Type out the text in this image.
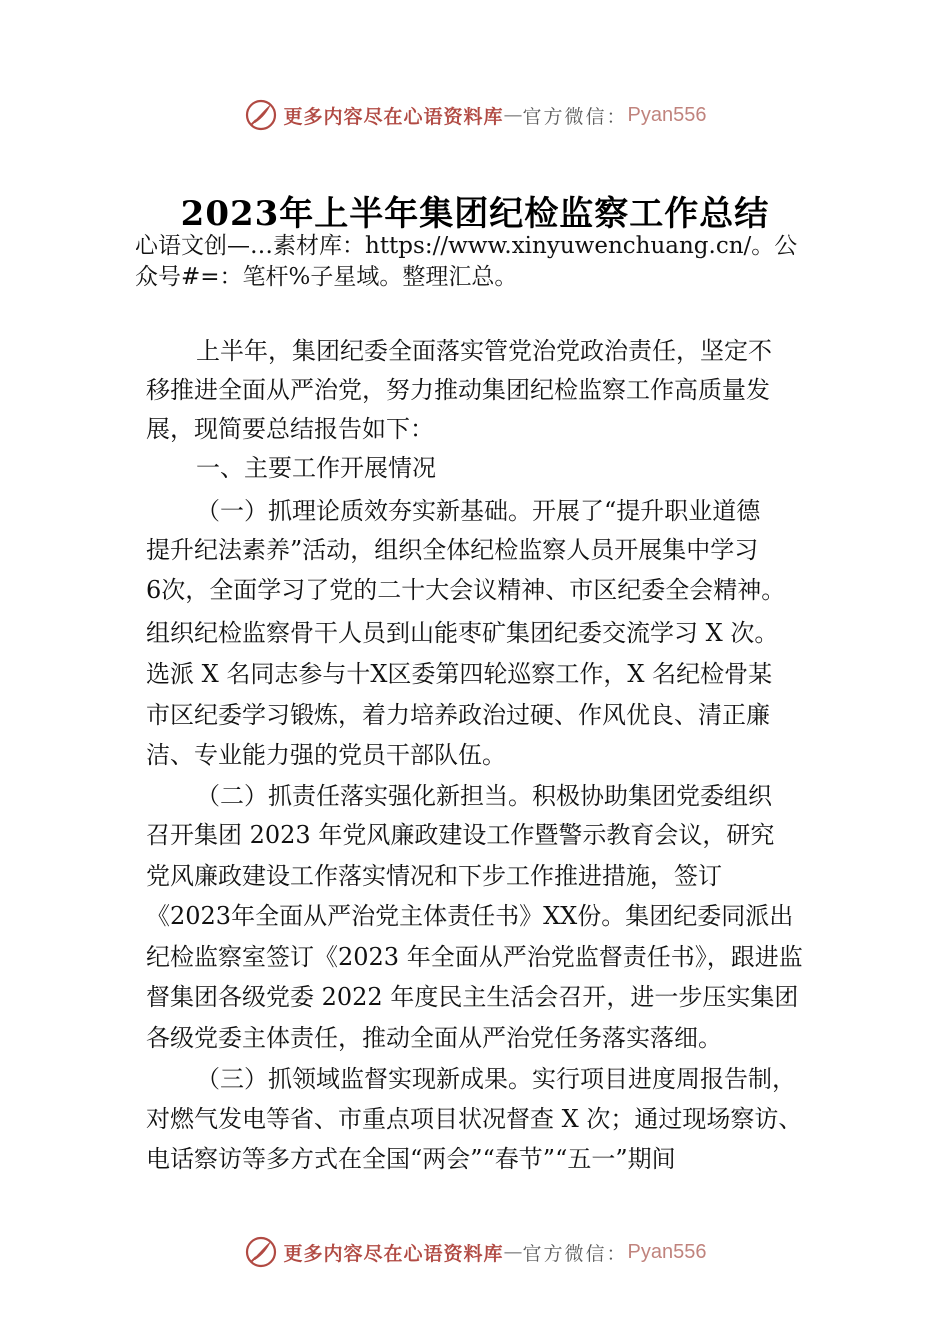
更多内容尽在心语资料库 — 官方微信： Pyan556
2023年上半年集团纪检监察工作总结
心语文创—…素材库：https://www.xinyuwenchuang.cn/。公
众号#=：笔杆%子星域。整理汇总。
上半年，集团纪委全面落实管党治党政治责任，坚定不
移推进全面从严治党，努力推动集团纪检监察工作高质量发
展，现简要总结报告如下：
一、主要工作开展情况
（一）抓理论质效夯实新基础。开展了“提升职业道德
提升纪法素养”活动，组织全体纪检监察人员开展集中学习
6次，全面学习了党的二十大会议精神、市区纪委全会精神。
组织纪检监察骨干人员到山能枣矿集团纪委交流学习 X 次。
选派 X 名同志参与十Ⅹ区委第四轮巡察工作，X 名纪检骨某
市区纪委学习锻炼，着力培养政治过硬、作风优良、清正廉
洁、专业能力强的党员干部队伍。
（二）抓责任落实强化新担当。积极协助集团党委组织
召开集团 2023 年党风廉政建设工作暨警示教育会议，研究
党风廉政建设工作落实情况和下步工作推进措施，签订
《2023年全面从严治党主体责任书》XX份。集团纪委同派出
纪检监察室签订《2023 年全面从严治党监督责任书》，跟进监
督集团各级党委 2022 年度民主生活会召开，进一步压实集团
各级党委主体责任，推动全面从严治党任务落实落细。
（三）抓领域监督实现新成果。实行项目进度周报告制，
对燃气发电等省、市重点项目状况督查 X 次；通过现场察访、
电话察访等多方式在全国“两会”“春节”“五一”期间
更多内容尽在心语资料库 — 官方微信： Pyan556
